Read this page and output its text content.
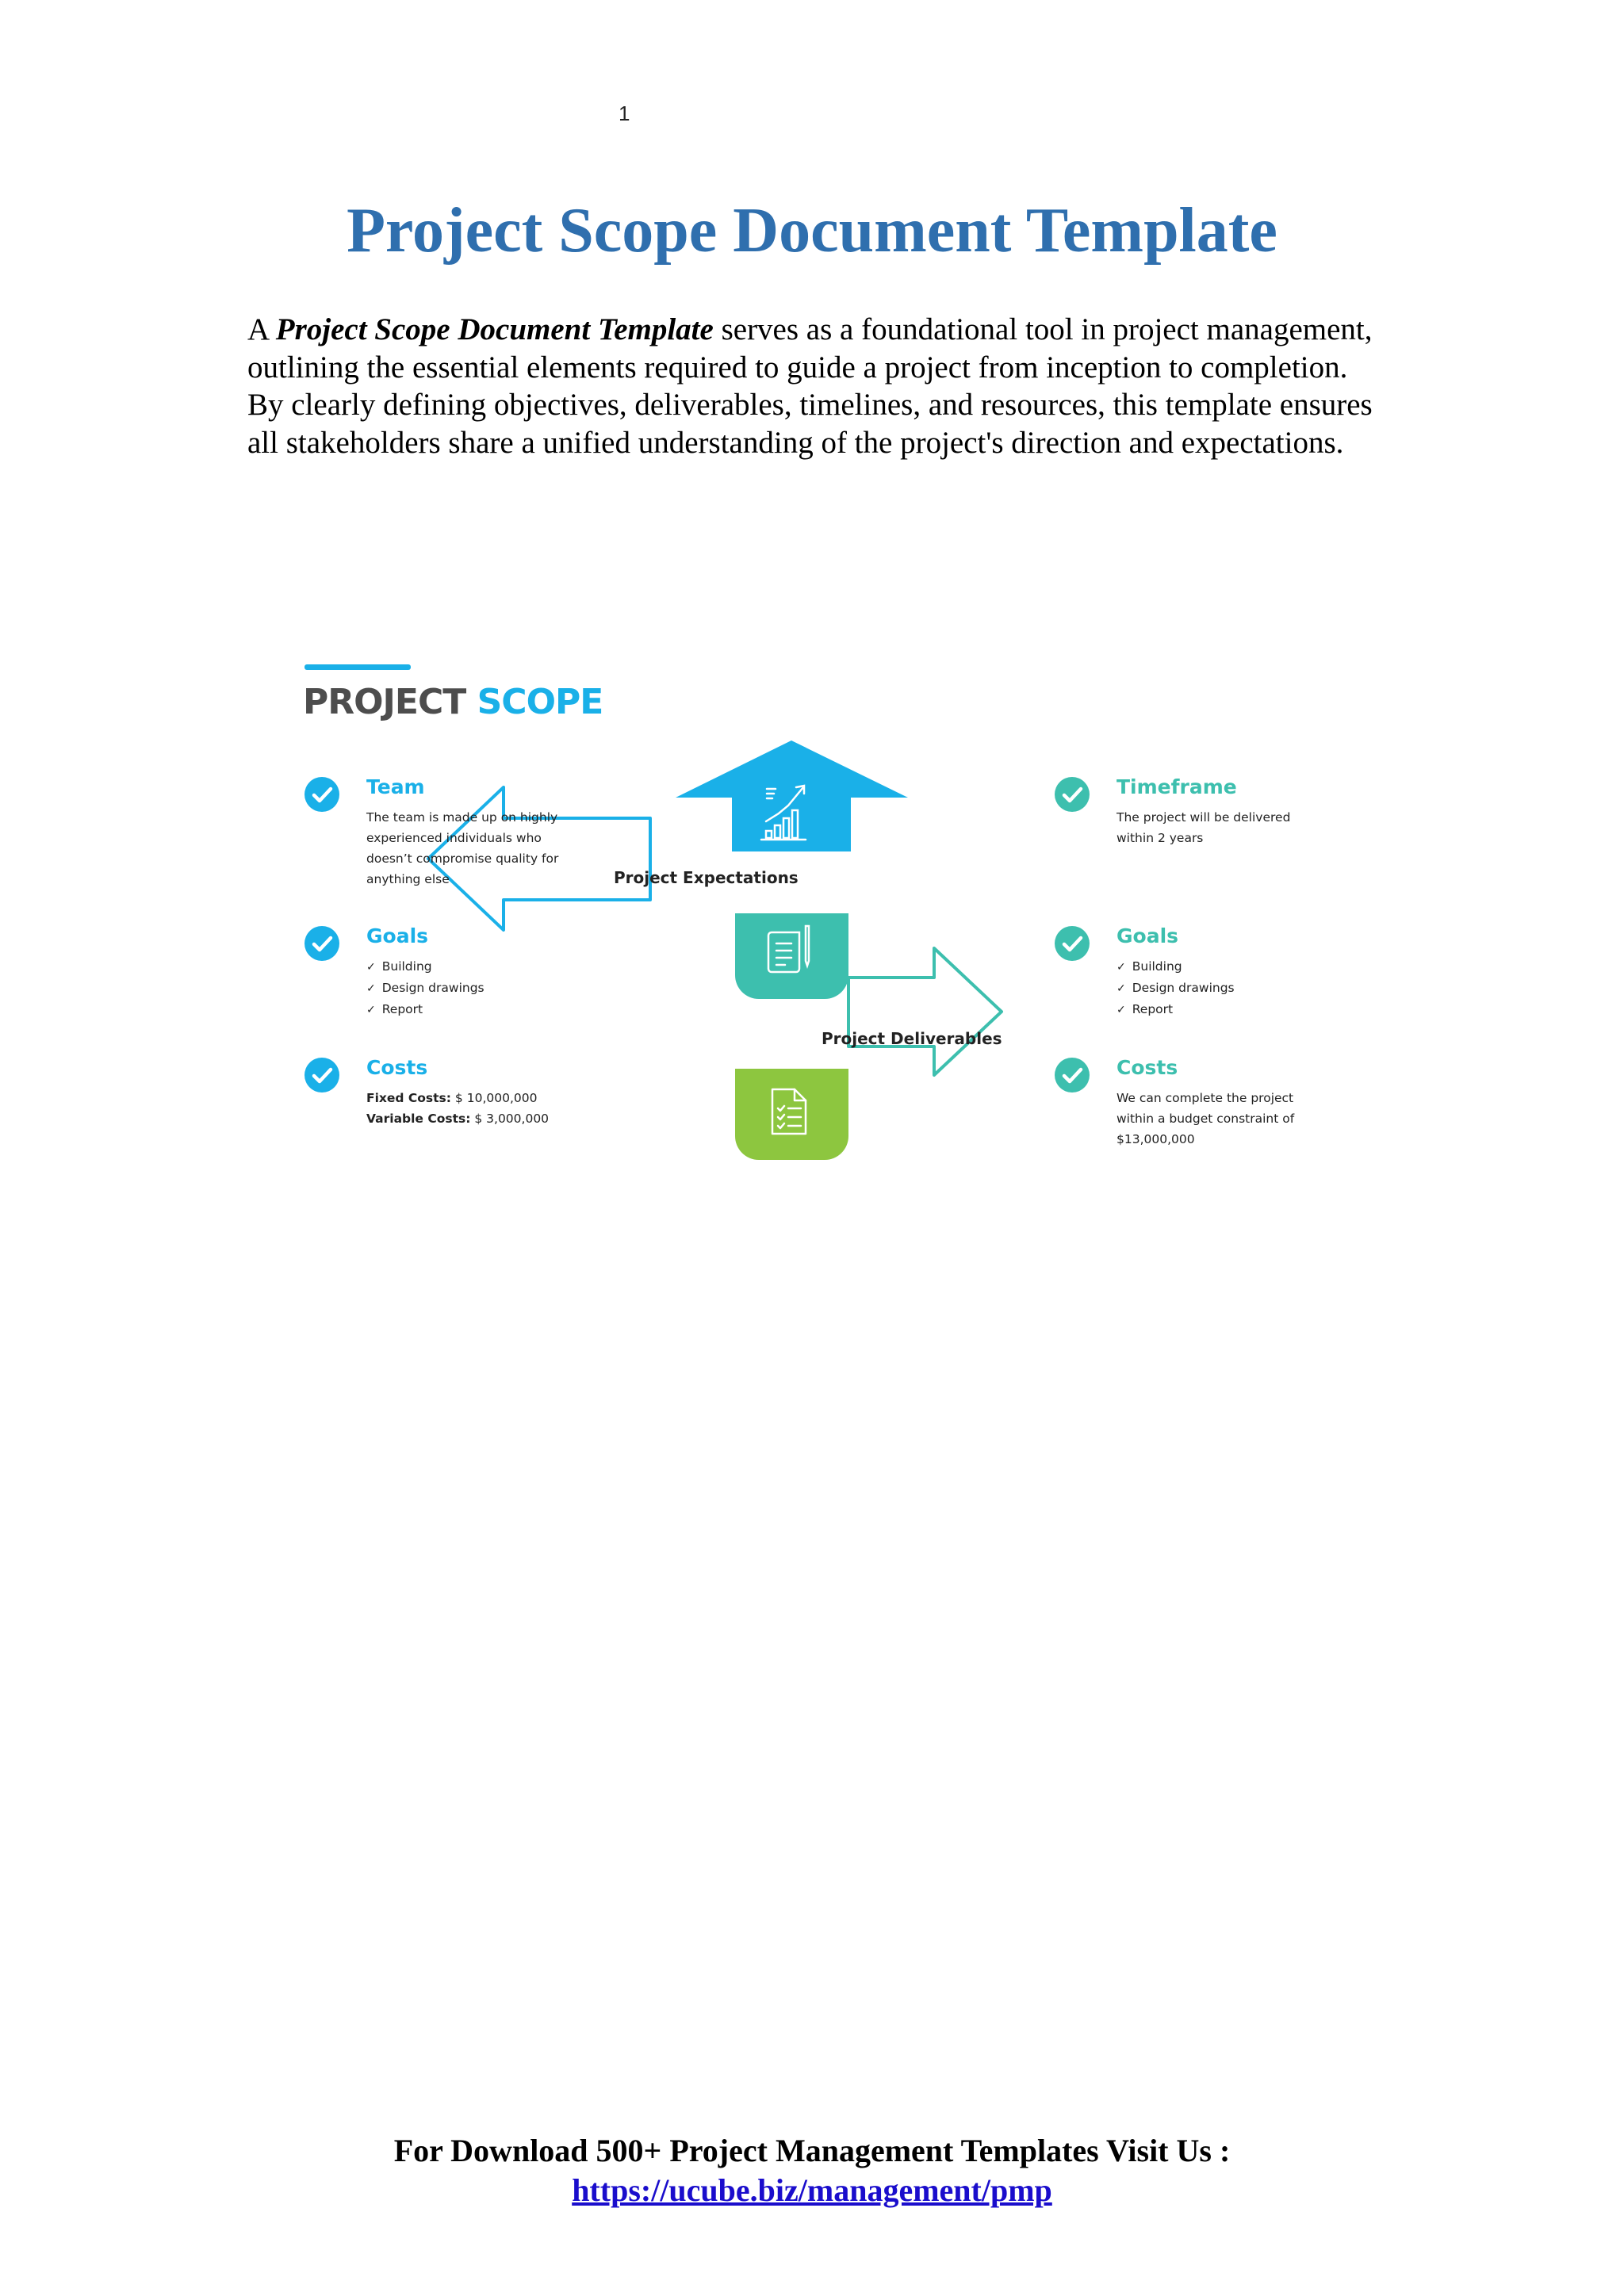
1
Project Scope Document Template

A Project Scope Document Template serves as a foundational tool in project management, outlining the essential elements required to guide a project from inception to completion. By clearly defining objectives, deliverables, timelines, and resources, this template ensures all stakeholders share a unified understanding of the project's direction and expectations.

PROJECT SCOPE
Project Expectations
Project Deliverables
Team
The team is made up on highly experienced individuals who doesn’t compromise quality for anything else
Goals
✓ Building
✓ Design drawings
✓ Report
Costs
Fixed Costs: $ 10,000,000
Variable Costs: $ 3,000,000
Timeframe
The project will be delivered within 2 years
Goals
✓ Building
✓ Design drawings
✓ Report
Costs
We can complete the project within a budget constraint of $13,000,000
For Download 500+ Project Management Templates Visit Us :
https://ucube.biz/management/pmp
